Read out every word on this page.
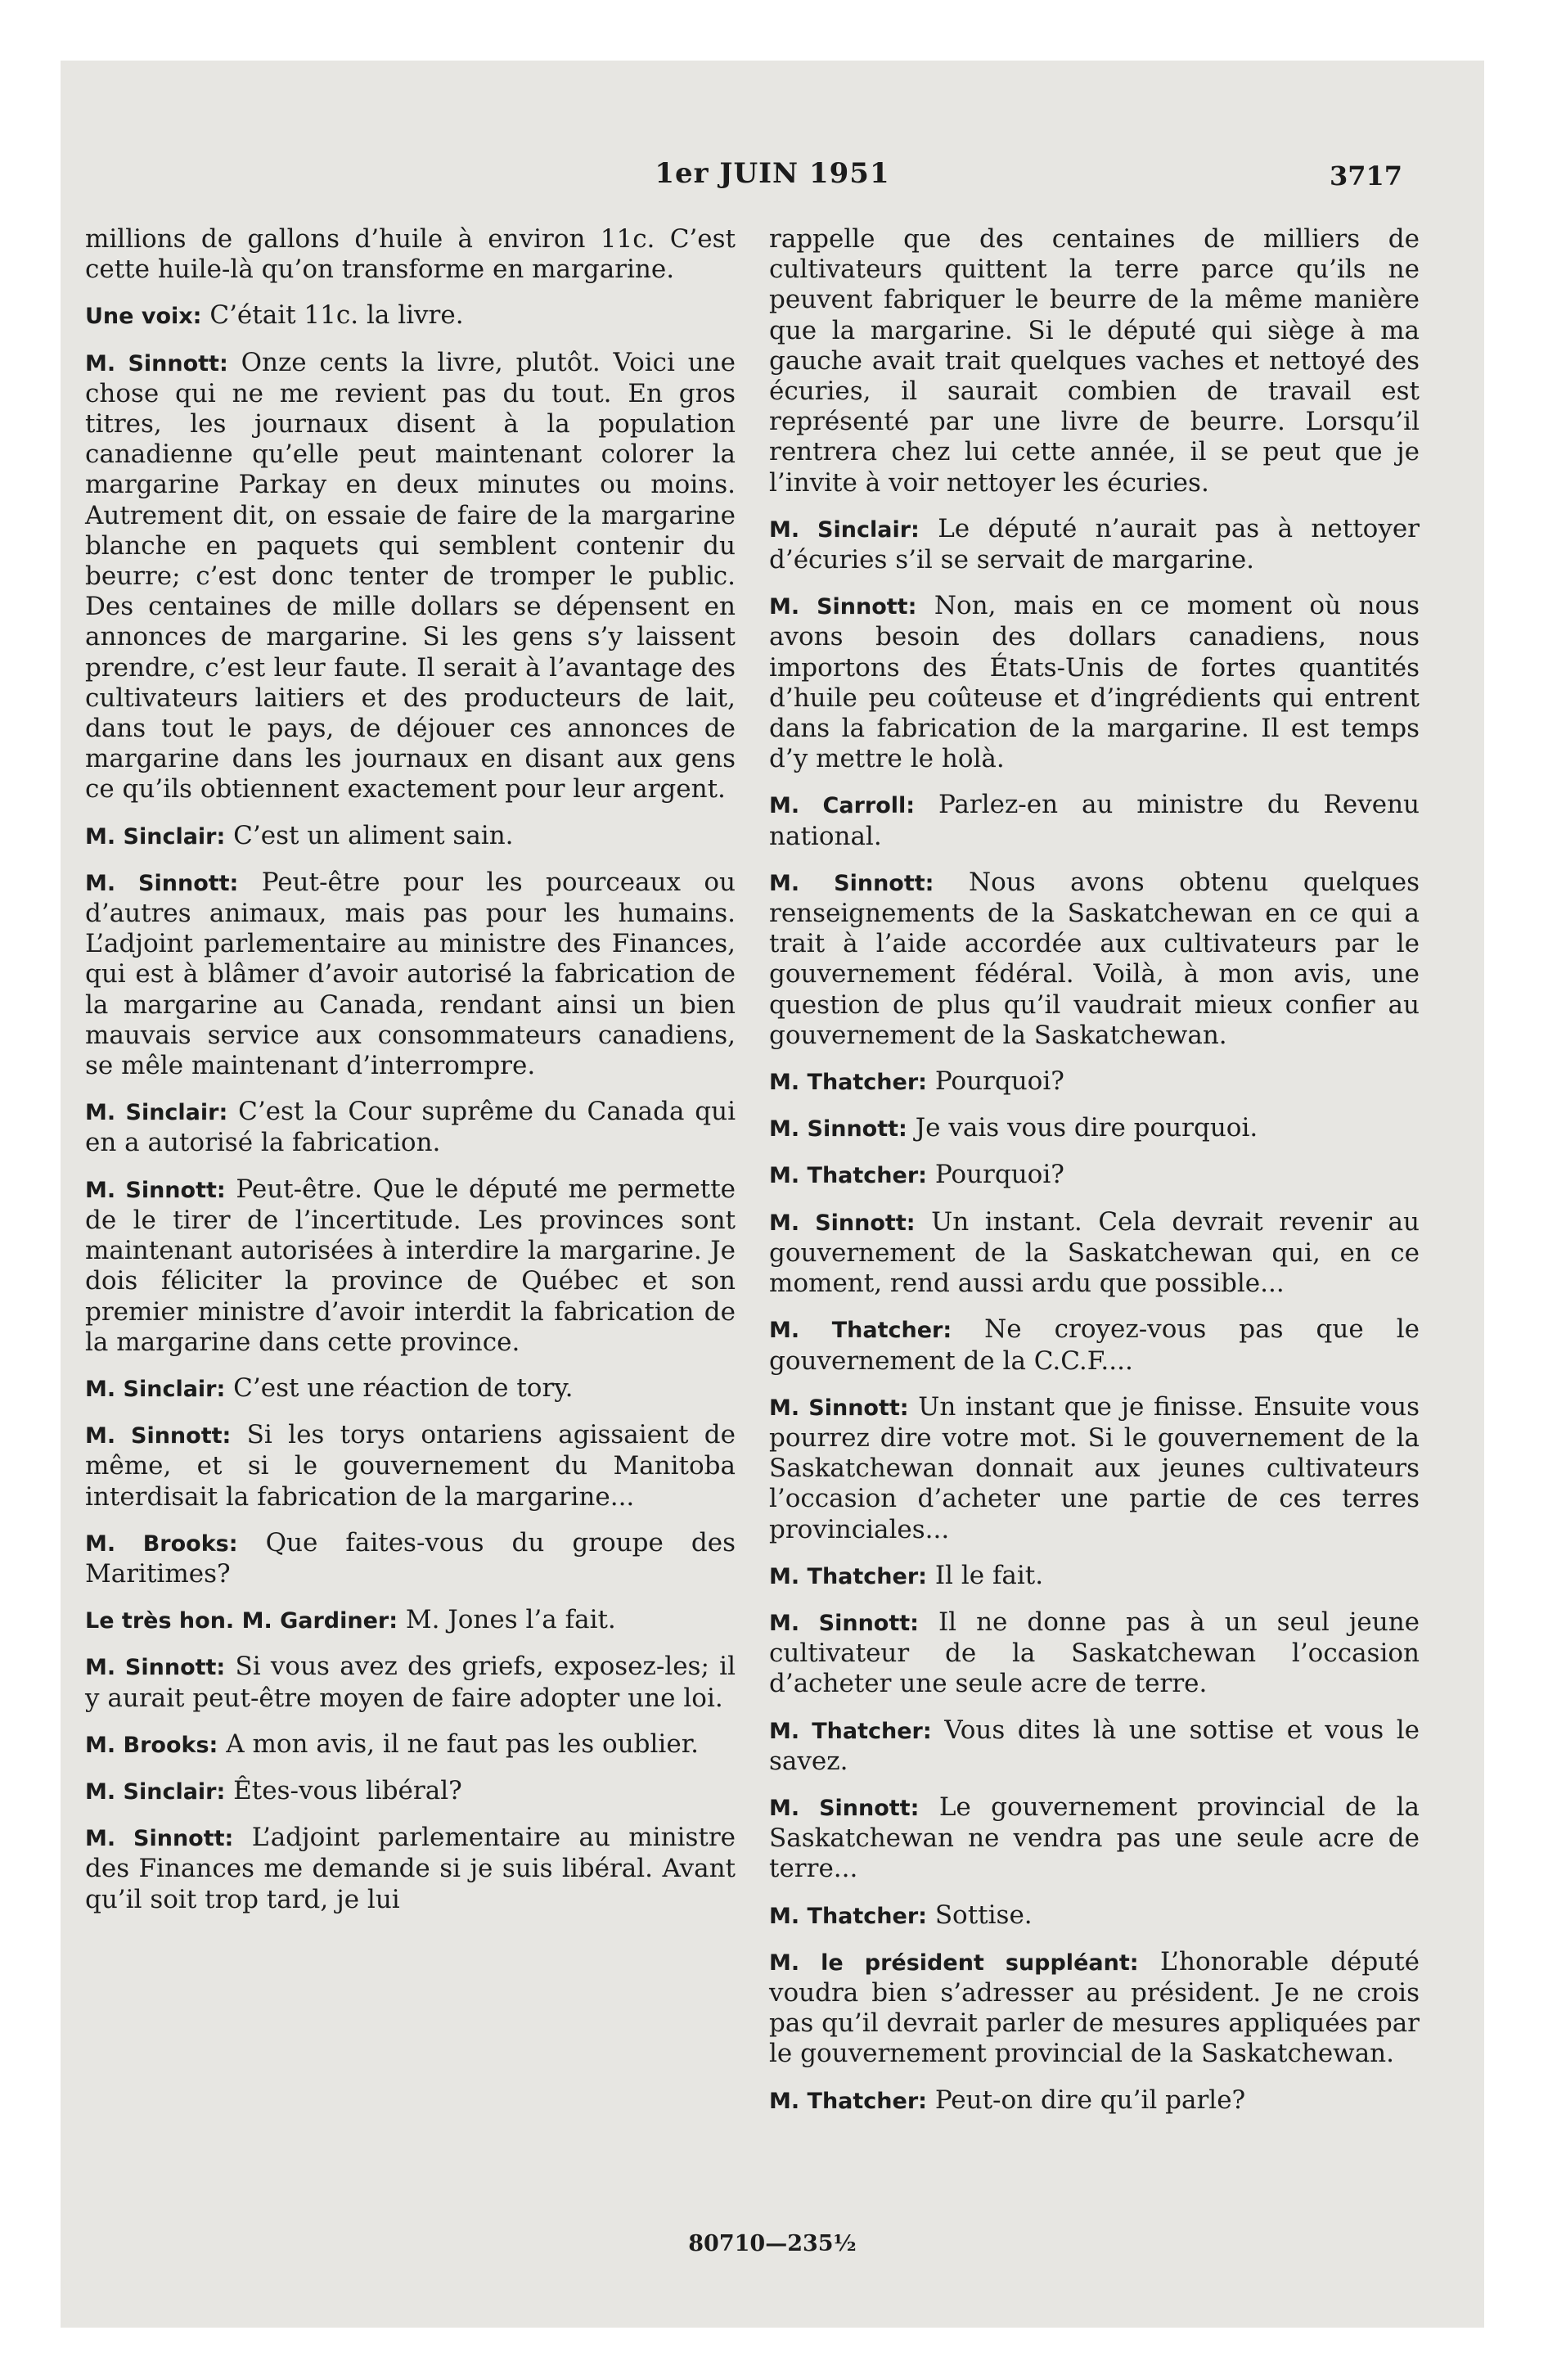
1er JUIN 1951	3717

millions de gallons d’huile à environ 11c. C’est cette huile-là qu’on transforme en margarine.

Une voix: C’était 11c. la livre.

M. Sinnott: Onze cents la livre, plutôt. Voici une chose qui ne me revient pas du tout. En gros titres, les journaux disent à la population canadienne qu’elle peut maintenant colorer la margarine Parkay en deux minutes ou moins. Autrement dit, on essaie de faire de la margarine blanche en paquets qui semblent contenir du beurre; c’est donc tenter de tromper le public. Des centaines de mille dollars se dépensent en annonces de margarine. Si les gens s’y laissent prendre, c’est leur faute. Il serait à l’avantage des cultivateurs laitiers et des producteurs de lait, dans tout le pays, de déjouer ces annonces de margarine dans les journaux en disant aux gens ce qu’ils obtiennent exactement pour leur argent.

M. Sinclair: C’est un aliment sain.

M. Sinnott: Peut-être pour les pourceaux ou d’autres animaux, mais pas pour les humains. L’adjoint parlementaire au ministre des Finances, qui est à blâmer d’avoir autorisé la fabrication de la margarine au Canada, rendant ainsi un bien mauvais service aux consommateurs canadiens, se mêle maintenant d’interrompre.

M. Sinclair: C’est la Cour suprême du Canada qui en a autorisé la fabrication.

M. Sinnott: Peut-être. Que le député me permette de le tirer de l’incertitude. Les provinces sont maintenant autorisées à interdire la margarine. Je dois féliciter la province de Québec et son premier ministre d’avoir interdit la fabrication de la margarine dans cette province.

M. Sinclair: C’est une réaction de tory.

M. Sinnott: Si les torys ontariens agissaient de même, et si le gouvernement du Manitoba interdisait la fabrication de la margarine...

M. Brooks: Que faites-vous du groupe des Maritimes?

Le très hon. M. Gardiner: M. Jones l’a fait.

M. Sinnott: Si vous avez des griefs, exposez-les; il y aurait peut-être moyen de faire adopter une loi.

M. Brooks: A mon avis, il ne faut pas les oublier.

M. Sinclair: Êtes-vous libéral?

M. Sinnott: L’adjoint parlementaire au ministre des Finances me demande si je suis libéral. Avant qu’il soit trop tard, je lui

rappelle que des centaines de milliers de cultivateurs quittent la terre parce qu’ils ne peuvent fabriquer le beurre de la même manière que la margarine. Si le député qui siège à ma gauche avait trait quelques vaches et nettoyé des écuries, il saurait combien de travail est représenté par une livre de beurre. Lorsqu’il rentrera chez lui cette année, il se peut que je l’invite à voir nettoyer les écuries.

M. Sinclair: Le député n’aurait pas à nettoyer d’écuries s’il se servait de margarine.

M. Sinnott: Non, mais en ce moment où nous avons besoin des dollars canadiens, nous importons des États-Unis de fortes quantités d’huile peu coûteuse et d’ingrédients qui entrent dans la fabrication de la margarine. Il est temps d’y mettre le holà.

M. Carroll: Parlez-en au ministre du Revenu national.

M. Sinnott: Nous avons obtenu quelques renseignements de la Saskatchewan en ce qui a trait à l’aide accordée aux cultivateurs par le gouvernement fédéral. Voilà, à mon avis, une question de plus qu’il vaudrait mieux confier au gouvernement de la Saskatchewan.

M. Thatcher: Pourquoi?

M. Sinnott: Je vais vous dire pourquoi.

M. Thatcher: Pourquoi?

M. Sinnott: Un instant. Cela devrait revenir au gouvernement de la Saskatchewan qui, en ce moment, rend aussi ardu que possible...

M. Thatcher: Ne croyez-vous pas que le gouvernement de la C.C.F....

M. Sinnott: Un instant que je finisse. Ensuite vous pourrez dire votre mot. Si le gouvernement de la Saskatchewan donnait aux jeunes cultivateurs l’occasion d’acheter une partie de ces terres provinciales...

M. Thatcher: Il le fait.

M. Sinnott: Il ne donne pas à un seul jeune cultivateur de la Saskatchewan l’occasion d’acheter une seule acre de terre.

M. Thatcher: Vous dites là une sottise et vous le savez.

M. Sinnott: Le gouvernement provincial de la Saskatchewan ne vendra pas une seule acre de terre...

M. Thatcher: Sottise.

M. le président suppléant: L’honorable député voudra bien s’adresser au président. Je ne crois pas qu’il devrait parler de mesures appliquées par le gouvernement provincial de la Saskatchewan.

M. Thatcher: Peut-on dire qu’il parle?

80710—235½
